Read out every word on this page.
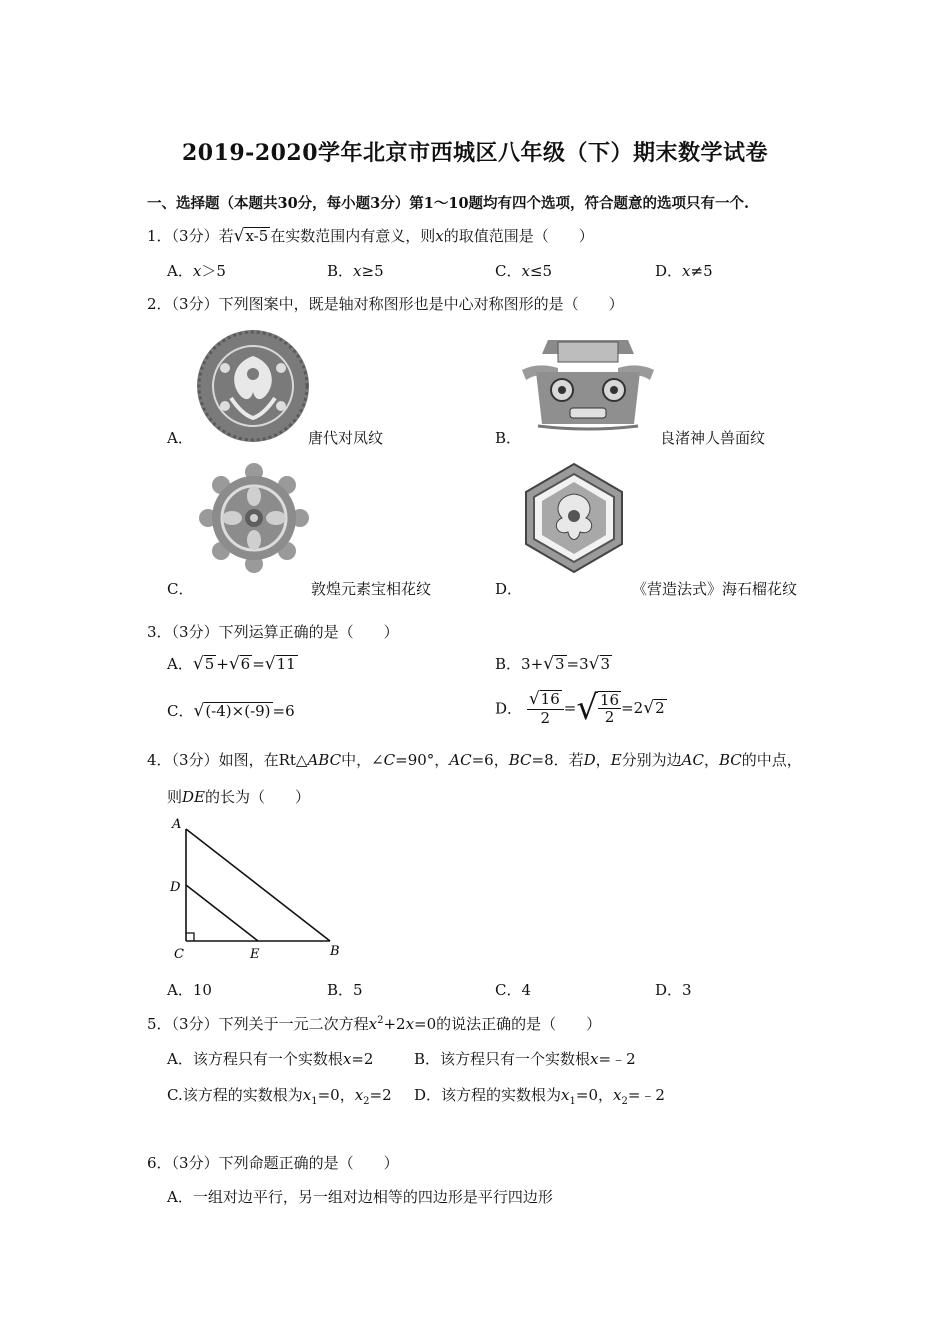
2019-2020学年北京市西城区八年级（下）期末数学试卷
一、选择题（本题共30分，每小题3分）第1～10题均有四个选项，符合题意的选项只有一个.
1．（3分）若√x-5 在实数范围内有意义，则x的取值范围是（　　）
A．x＞5	B．x≥5	C．x≤5	D．x≠5
2．（3分）下列图案中，既是轴对称图形也是中心对称图形的是（　　）
A．	唐代对凤纹	B．	良渚神人兽面纹
C．	敦煌元素宝相花纹	D．	《营造法式》海石榴花纹
3．（3分）下列运算正确的是（　　）
A．√5 +√6 =√11	B．3+√3 =3√3
C．√(-4)×(-9) =6	D． $\frac{√16}{2}$ =√ $\frac{16}{2} =2√2$
4．（3分）如图，在Rt△ABC中，∠C=90°，AC=6，BC=8．若D，E分别为边AC，BC的中点，
则DE的长为（　　）
A
D
C	E	B
A．10	B．5	C．4	D．3
5．（3分）下列关于一元二次方程$x^2+2x=0$的说法正确的是（　　）
A．该方程只有一个实数根x=2	B．该方程只有一个实数根x=﹣2
C.该方程的实数根为$x_1=0$，$x_2=2$ D．该方程的实数根为$x_1=0$，$x_2=﹣2$
6．（3分）下列命题正确的是（　　）
A．一组对边平行，另一组对边相等的四边形是平行四边形
